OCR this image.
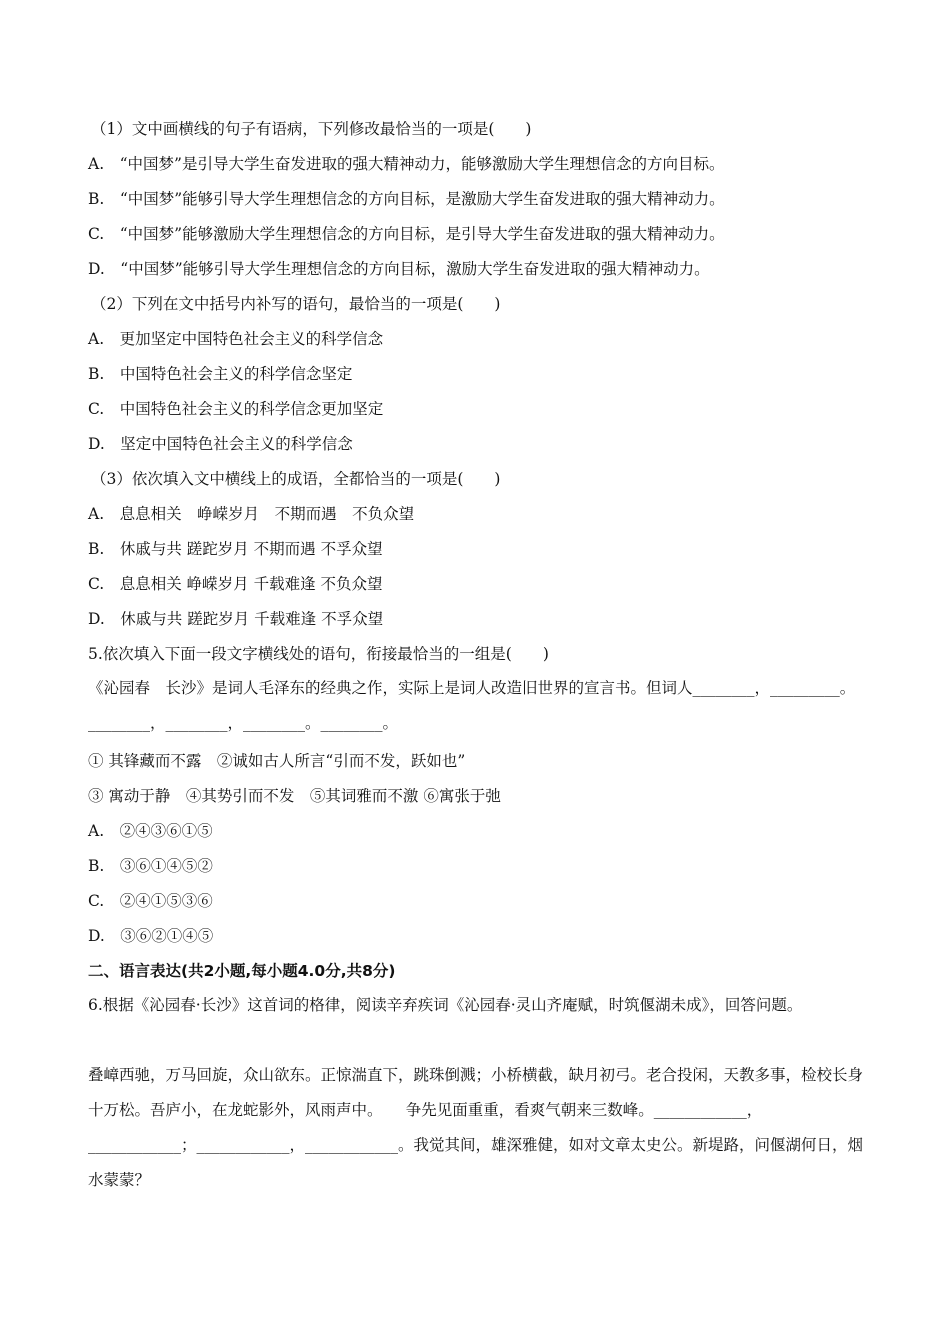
（1）文中画横线的句子有语病，下列修改最恰当的一项是(　　)
A.　“中国梦”是引导大学生奋发进取的强大精神动力，能够激励大学生理想信念的方向目标。
B.　“中国梦”能够引导大学生理想信念的方向目标，是激励大学生奋发进取的强大精神动力。
C.　“中国梦”能够激励大学生理想信念的方向目标，是引导大学生奋发进取的强大精神动力。
D.　“中国梦”能够引导大学生理想信念的方向目标，激励大学生奋发进取的强大精神动力。
（2）下列在文中括号内补写的语句，最恰当的一项是(　　)
A.　更加坚定中国特色社会主义的科学信念
B.　中国特色社会主义的科学信念坚定
C.　中国特色社会主义的科学信念更加坚定
D.　坚定中国特色社会主义的科学信念
（3）依次填入文中横线上的成语，全都恰当的一项是(　　)
A.　息息相关　峥嵘岁月　不期而遇　不负众望
B.　休戚与共 蹉跎岁月 不期而遇 不孚众望
C.　息息相关 峥嵘岁月 千载难逢 不负众望
D.　休戚与共 蹉跎岁月 千载难逢 不孚众望
5.依次填入下面一段文字横线处的语句，衔接最恰当的一组是(　　)
《沁园春　长沙》是词人毛泽东的经典之作，实际上是词人改造旧世界的宣言书。但词人________，_________。________，________，________。________。
① 其锋藏而不露　②诚如古人所言“引而不发，跃如也”
③ 寓动于静　④其势引而不发　⑤其词雅而不激 ⑥寓张于弛
A.　②④③⑥①⑤
B.　③⑥①④⑤②
C.　②④①⑤③⑥
D.　③⑥②①④⑤
二、语言表达(共2小题,每小题4.0分,共8分)
6.根据《沁园春·长沙》这首词的格律，阅读辛弃疾词《沁园春·灵山齐庵赋，时筑偃湖未成》，回答问题。
叠嶂西驰，万马回旋，众山欲东。正惊湍直下，跳珠倒溅；小桥横截，缺月初弓。老合投闲，天教多事，检校长身十万松。吾庐小，在龙蛇影外，风雨声中。　　争先见面重重，看爽气朝来三数峰。____________，____________；____________，____________。我觉其间，雄深雅健，如对文章太史公。新堤路，问偃湖何日，烟水蒙蒙？
